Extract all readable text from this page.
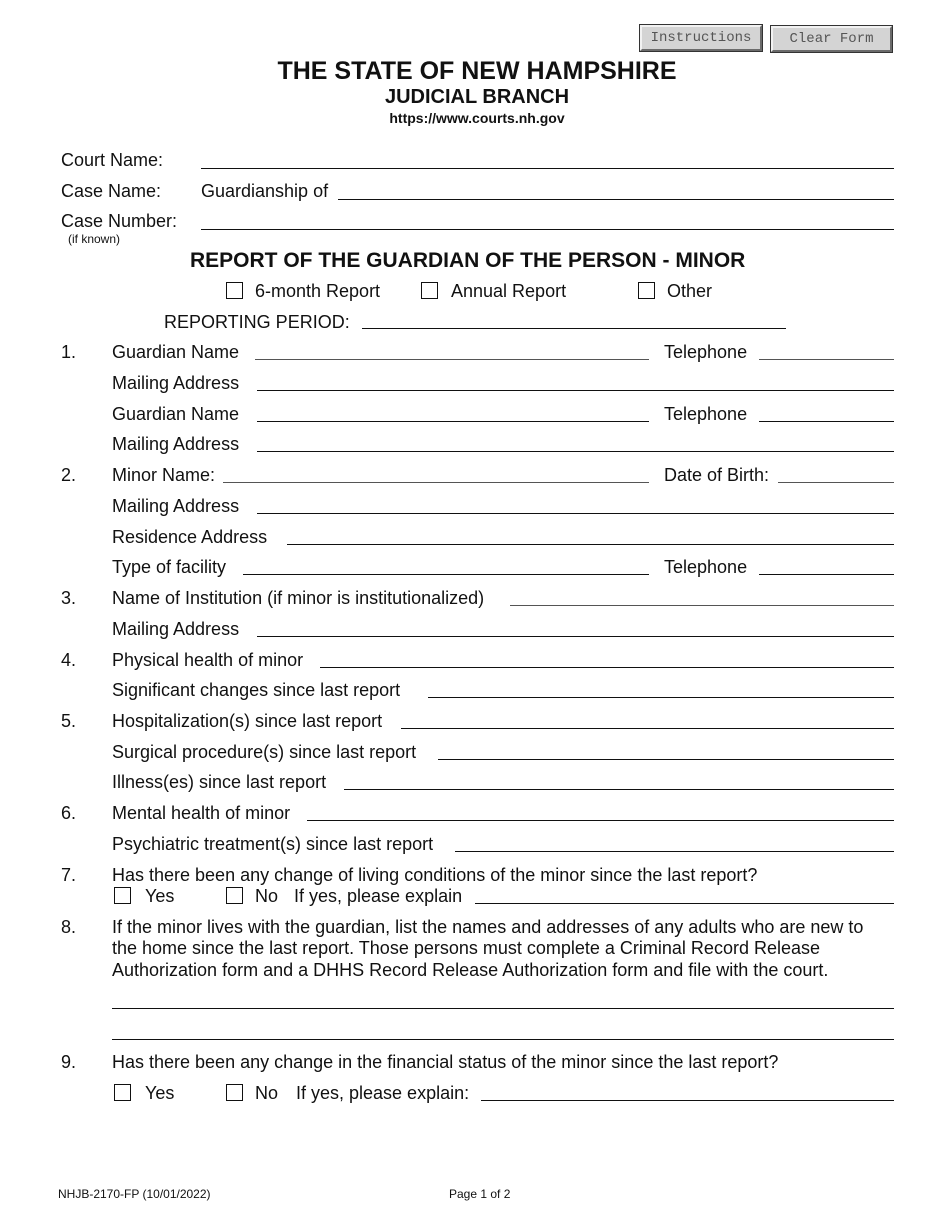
Instructions	Clear Form
THE STATE OF NEW HAMPSHIRE
JUDICIAL BRANCH
https://www.courts.nh.gov
Court Name:
Case Name: Guardianship of
Case Number:
(if known)
REPORT OF THE GUARDIAN OF THE PERSON - MINOR
6-month Report	Annual Report	Other
REPORTING PERIOD:
1. Guardian Name	Telephone
Mailing Address
Guardian Name	Telephone
Mailing Address
2. Minor Name:	Date of Birth:
Mailing Address
Residence Address
Type of facility	Telephone
3. Name of Institution (if minor is institutionalized)
Mailing Address
4. Physical health of minor
Significant changes since last report
5. Hospitalization(s) since last report
Surgical procedure(s) since last report
Illness(es) since last report
6. Mental health of minor
Psychiatric treatment(s) since last report
7. Has there been any change of living conditions of the minor since the last report?
Yes	No If yes, please explain
8. If the minor lives with the guardian, list the names and addresses of any adults who are new to
the home since the last report. Those persons must complete a Criminal Record Release
Authorization form and a DHHS Record Release Authorization form and file with the court.
9. Has there been any change in the financial status of the minor since the last report?
Yes	No If yes, please explain:
NHJB-2170-FP (10/01/2022)	Page 1 of 2
